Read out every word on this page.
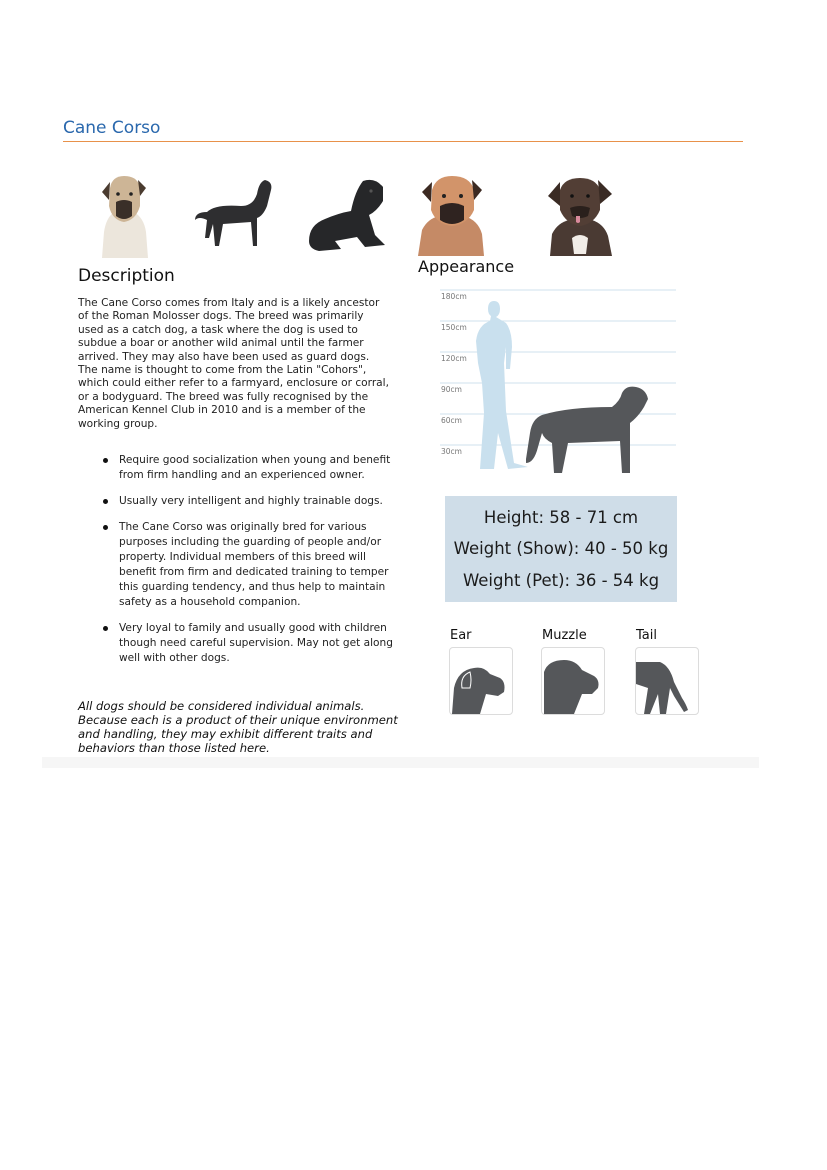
Cane Corso
Description
The Cane Corso comes from Italy and is a likely ancestor of the Roman Molosser dogs. The breed was primarily used as a catch dog, a task where the dog is used to subdue a boar or another wild animal until the farmer arrived. They may also have been used as guard dogs. The name is thought to come from the Latin "Cohors", which could either refer to a farmyard, enclosure or corral, or a bodyguard. The breed was fully recognised by the American Kennel Club in 2010 and is a member of the working group.
Require good socialization when young and benefit from firm handling and an experienced owner.
Usually very intelligent and highly trainable dogs.
The Cane Corso was originally bred for various purposes including the guarding of people and/or property. Individual members of this breed will benefit from firm and dedicated training to temper this guarding tendency, and thus help to maintain safety as a household companion.
Very loyal to family and usually good with children though need careful supervision. May not get along well with other dogs.
All dogs should be considered individual animals. Because each is a product of their unique environment and handling, they may exhibit different traits and behaviors than those listed here.
Appearance
180cm
150cm
120cm
90cm
60cm
30cm
Height: 58 - 71 cm
Weight (Show): 40 - 50 kg
Weight (Pet): 36 - 54 kg
Ear	Muzzle	Tail
